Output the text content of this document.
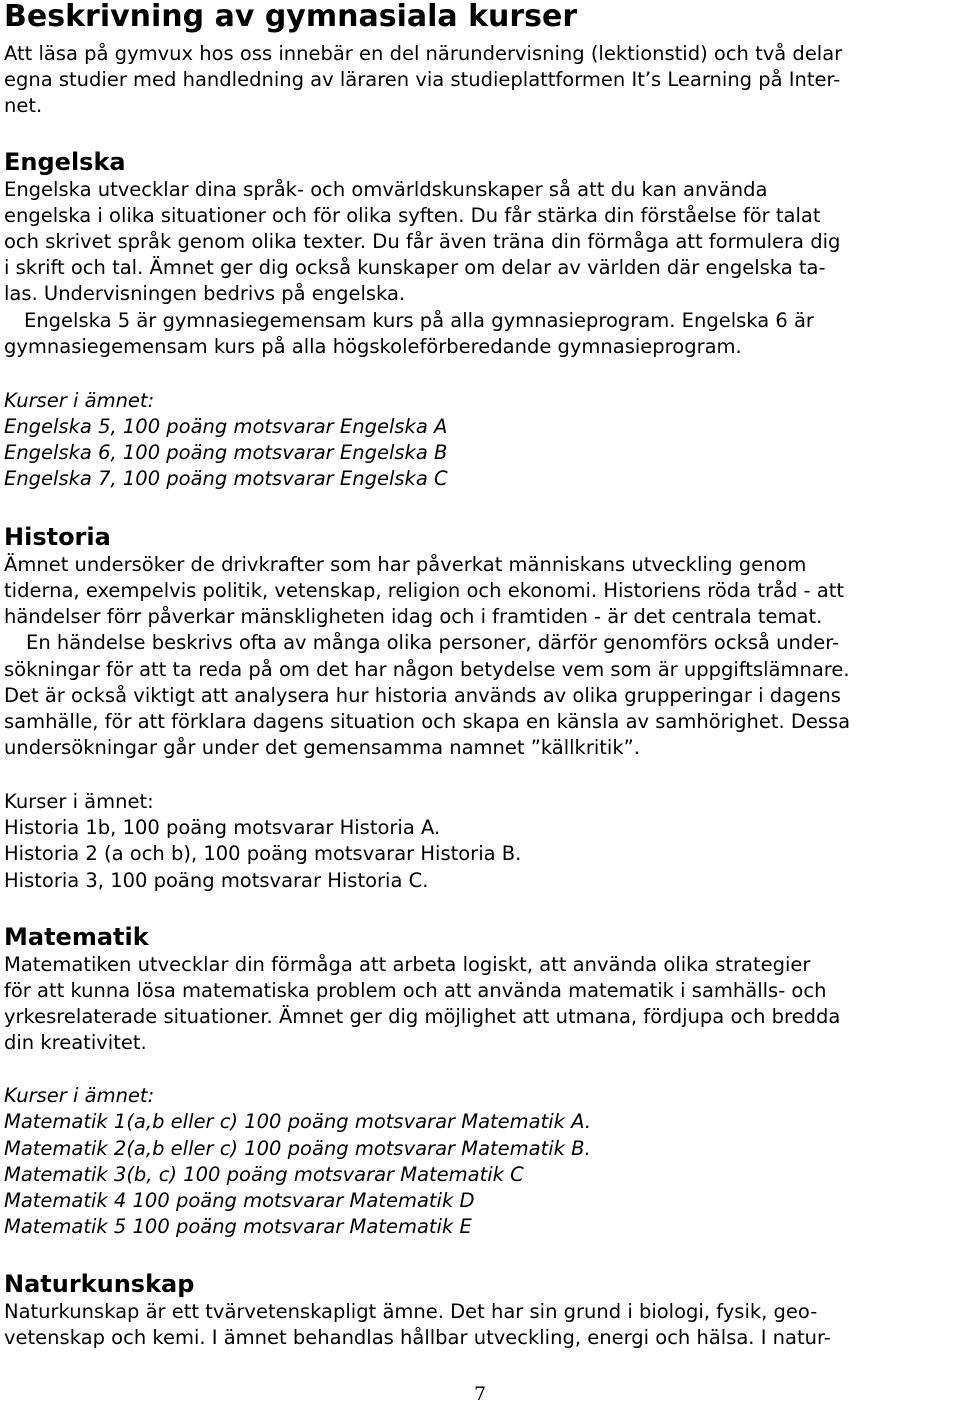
Beskrivning av gymnasiala kurser

Att läsa på gymvux hos oss innebär en del närundervisning (lektionstid) och två delar

egna studier med handledning av läraren via studieplattformen It’s Learning på Inter-

net.

Engelska

Engelska utvecklar dina språk- och omvärldskunskaper så att du kan använda

engelska i olika situationer och för olika syften. Du får stärka din förståelse för talat

och skrivet språk genom olika texter. Du får även träna din förmåga att formulera dig

i skrift och tal. Ämnet ger dig också kunskaper om delar av världen där engelska ta-

las. Undervisningen bedrivs på engelska.

Engelska 5 är gymnasiegemensam kurs på alla gymnasieprogram. Engelska 6 är

gymnasiegemensam kurs på alla högskoleförberedande gymnasieprogram.

Kurser i ämnet:

Engelska 5, 100 poäng motsvarar Engelska A

Engelska 6, 100 poäng motsvarar Engelska B

Engelska 7, 100 poäng motsvarar Engelska C

Historia

Ämnet undersöker de drivkrafter som har påverkat människans utveckling genom

tiderna, exempelvis politik, vetenskap, religion och ekonomi. Historiens röda tråd - att

händelser förr påverkar mänskligheten idag och i framtiden - är det centrala temat.

En händelse beskrivs ofta av många olika personer, därför genomförs också under-

sökningar för att ta reda på om det har någon betydelse vem som är uppgiftslämnare.

Det är också viktigt att analysera hur historia används av olika grupperingar i dagens

samhälle, för att förklara dagens situation och skapa en känsla av samhörighet. Dessa

undersökningar går under det gemensamma namnet ”källkritik”.

Kurser i ämnet:

Historia 1b, 100 poäng motsvarar Historia A.

Historia 2 (a och b), 100 poäng motsvarar Historia B.

Historia 3, 100 poäng motsvarar Historia C.

Matematik

Matematiken utvecklar din förmåga att arbeta logiskt, att använda olika strategier

för att kunna lösa matematiska problem och att använda matematik i samhälls- och

yrkesrelaterade situationer. Ämnet ger dig möjlighet att utmana, fördjupa och bredda

din kreativitet.

Kurser i ämnet:

Matematik 1(a,b eller c) 100 poäng motsvarar Matematik A.

Matematik 2(a,b eller c) 100 poäng motsvarar Matematik B.

Matematik 3(b, c) 100 poäng motsvarar Matematik C

Matematik 4 100 poäng motsvarar Matematik D

Matematik 5 100 poäng motsvarar Matematik E

Naturkunskap

Naturkunskap är ett tvärvetenskapligt ämne. Det har sin grund i biologi, fysik, geo-

vetenskap och kemi. I ämnet behandlas hållbar utveckling, energi och hälsa. I natur-

7
